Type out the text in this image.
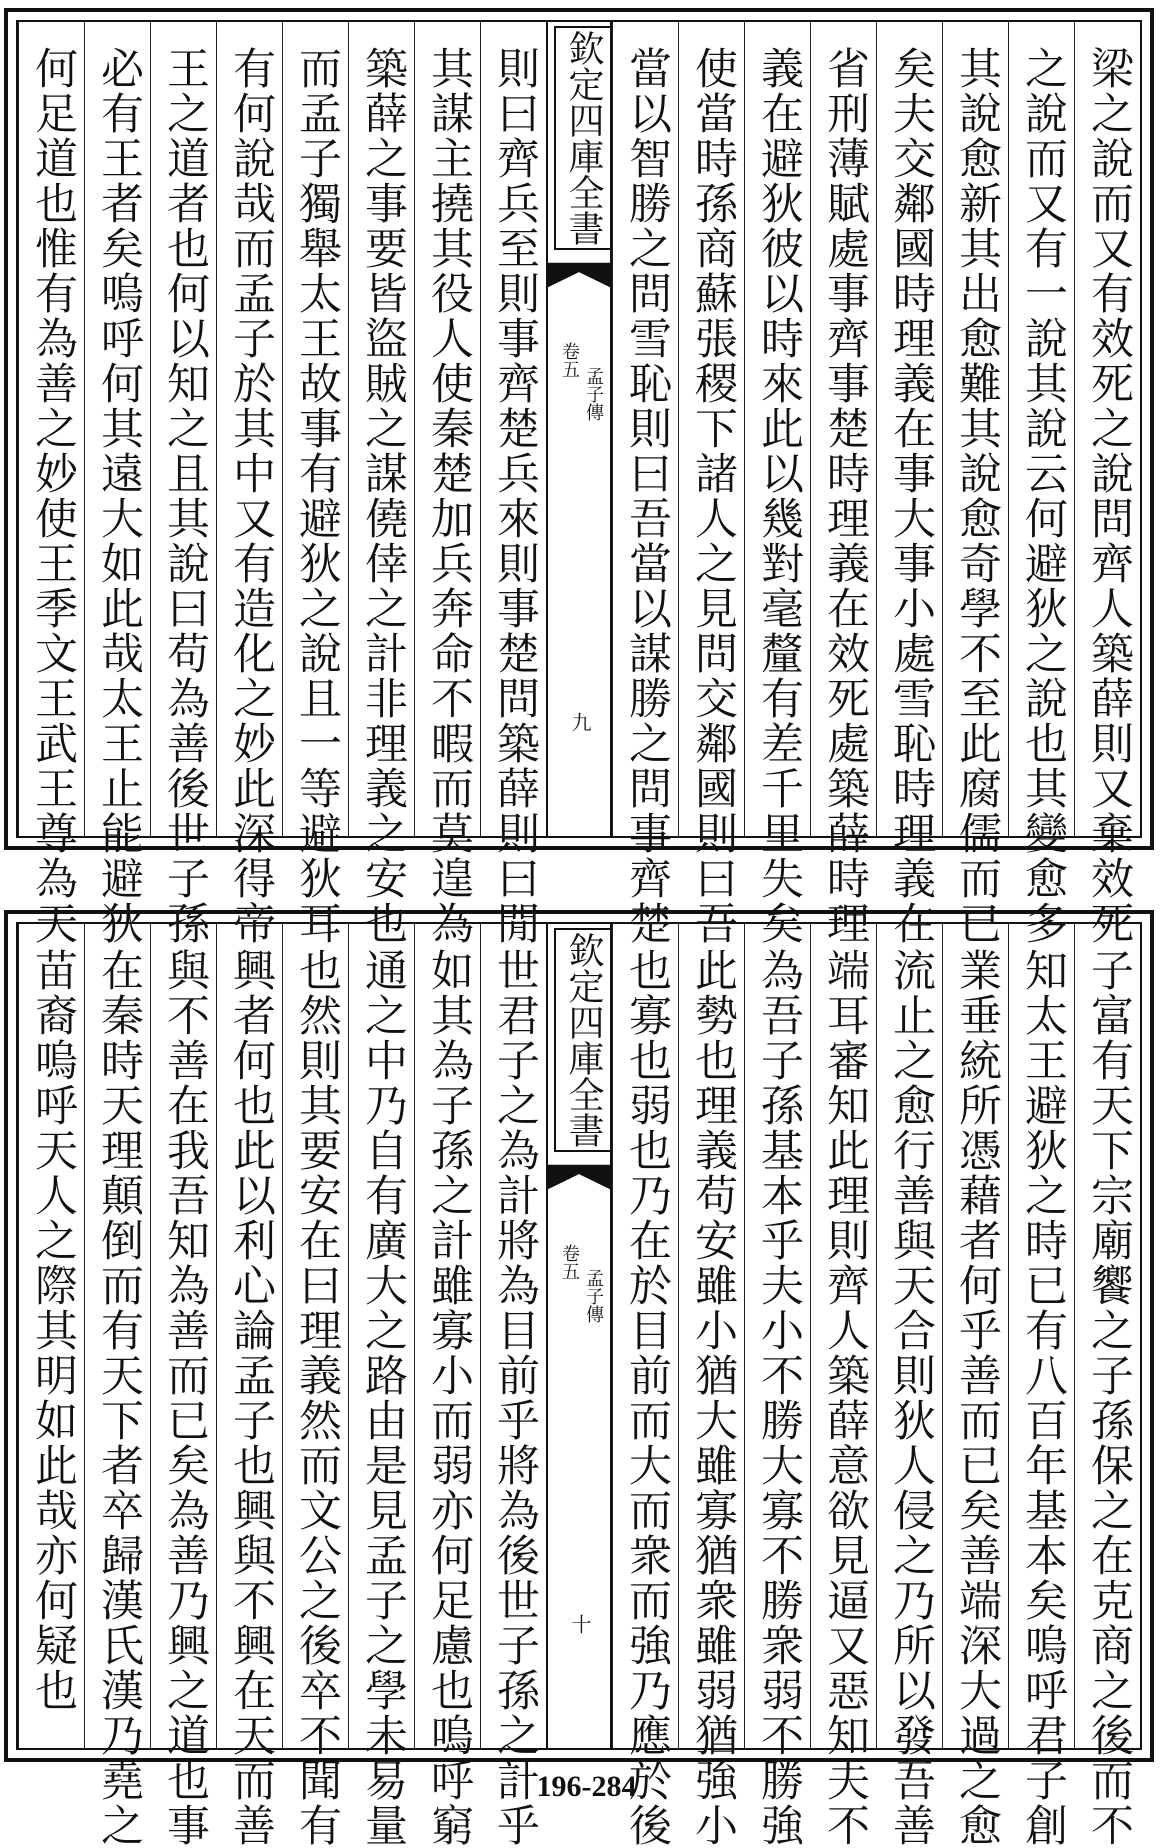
梁之說而又有效死之說問齊人築薛則又棄效死
之說而又有一說其說云何避狄之說也其變愈多
其說愈新其出愈難其說愈奇學不至此腐儒而已
矣夫交鄰國時理義在事大事小處雪恥時理義在
省刑薄賦處事齊事楚時理義在效死處築薛時理
義在避狄彼以時來此以幾對毫釐有差千里失矣
使當時孫商蘇張稷下諸人之見問交鄰國則曰吾
當以智勝之問雪恥則曰吾當以謀勝之問事齊楚
欽定四庫全書
孟子傳
卷五
九
則曰齊兵至則事齊楚兵來則事楚問築薛則曰閒
其謀主撓其役人使秦楚加兵奔命不暇而莫遑為
築薛之事要皆盜賊之謀僥倖之計非理義之安也
而孟子獨舉太王故事有避狄之說且一等避狄耳
有何說哉而孟子於其中又有造化之妙此深得帝
王之道者也何以知之且其說曰苟為善後世子孫
必有王者矣嗚呼何其遠大如此哉太王止能避狄
何足道也惟有為善之妙使王季文王武王尊為天
子富有天下宗廟饗之子孫保之在克商之後而不
知太王避狄之時已有八百年基本矣嗚呼君子創
業垂統所憑藉者何乎善而已矣善端深大過之愈
流止之愈行善與天合則狄人侵之乃所以發吾善
端耳審知此理則齊人築薛意欲見逼又惡知夫不
為吾子孫基本乎夫小不勝大寡不勝衆弱不勝強
此勢也理義苟安雖小猶大雖寡猶衆雖弱猶強小
也寡也弱也乃在於目前而大而衆而強乃應於後
欽定四庫全書
孟子傳
卷五
十
世君子之為計將為目前乎將為後世子孫之計乎
如其為子孫之計雖寡小而弱亦何足慮也嗚呼窮
通之中乃自有廣大之路由是見孟子之學未易量
也然則其要安在曰理義然而文公之後卒不聞有
興者何也此以利心論孟子也興與不興在天而善
與不善在我吾知為善而已矣為善乃興之道也事
在秦時天理顛倒而有天下者卒歸漢氏漢乃堯之
苗裔嗚呼天人之際其明如此哉亦何疑也
196-284
